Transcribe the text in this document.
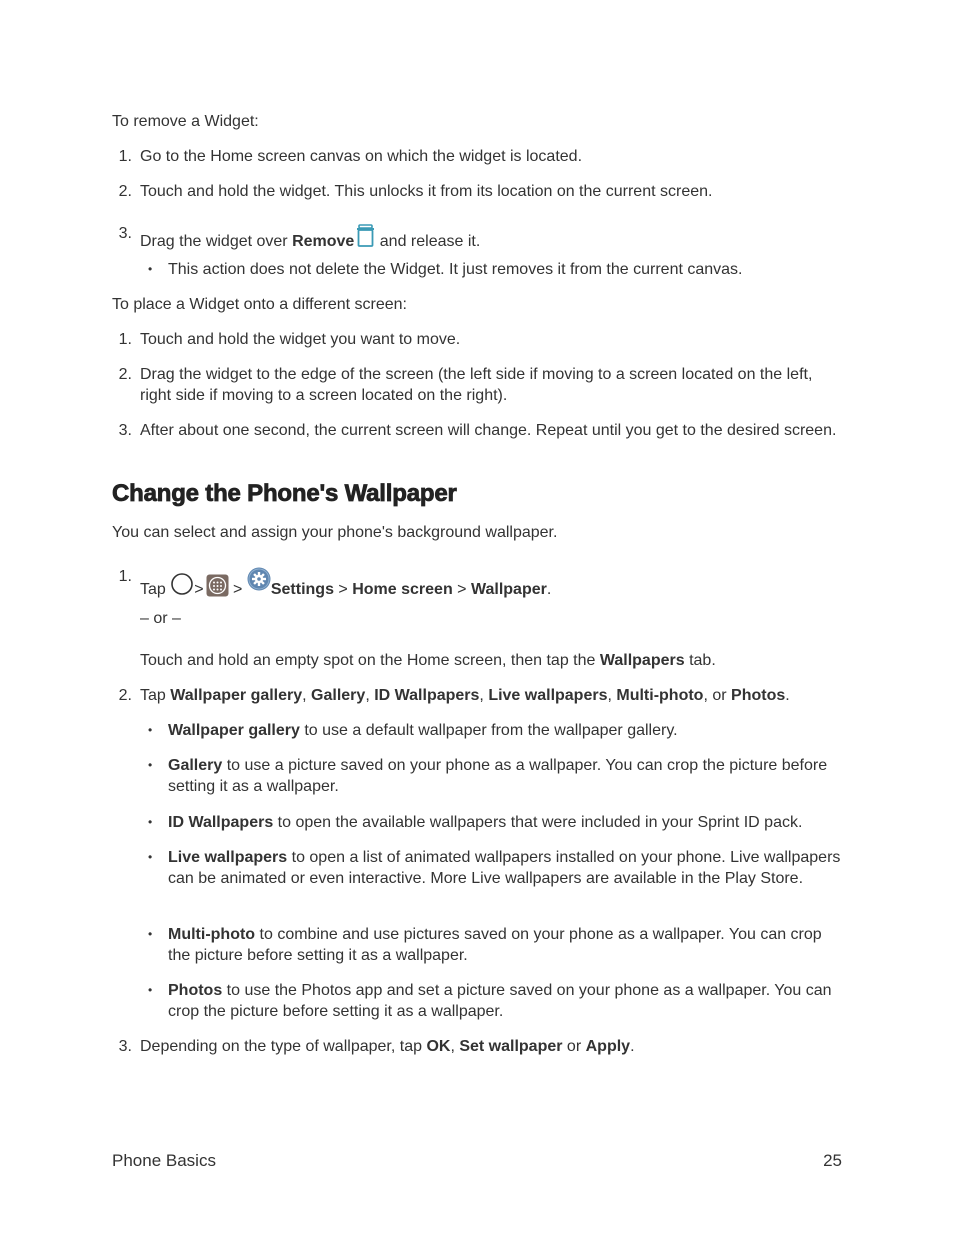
To remove a Widget:
1. Go to the Home screen canvas on which the widget is located.
2. Touch and hold the widget. This unlocks it from its location on the current screen.
3. Drag the widget over Remove and release it.
• This action does not delete the Widget. It just removes it from the current canvas.
To place a Widget onto a different screen:
1. Touch and hold the widget you want to move.
2. Drag the widget to the edge of the screen (the left side if moving to a screen located on the left, right side if moving to a screen located on the right).
3. After about one second, the current screen will change. Repeat until you get to the desired screen.
Change the Phone's Wallpaper
You can select and assign your phone's background wallpaper.
1.
Tap > > Settings > Home screen > Wallpaper.
– or –
Touch and hold an empty spot on the Home screen, then tap the Wallpapers tab.
2. Tap Wallpaper gallery, Gallery, ID Wallpapers, Live wallpapers, Multi-photo, or Photos.
• Wallpaper gallery to use a default wallpaper from the wallpaper gallery.
• Gallery to use a picture saved on your phone as a wallpaper. You can crop the picture before setting it as a wallpaper.
• ID Wallpapers to open the available wallpapers that were included in your Sprint ID pack.
• Live wallpapers to open a list of animated wallpapers installed on your phone. Live wallpapers can be animated or even interactive. More Live wallpapers are available in the Play Store.
• Multi-photo to combine and use pictures saved on your phone as a wallpaper. You can crop the picture before setting it as a wallpaper.
• Photos to use the Photos app and set a picture saved on your phone as a wallpaper. You can crop the picture before setting it as a wallpaper.
3. Depending on the type of wallpaper, tap OK, Set wallpaper or Apply.
Phone Basics	25
